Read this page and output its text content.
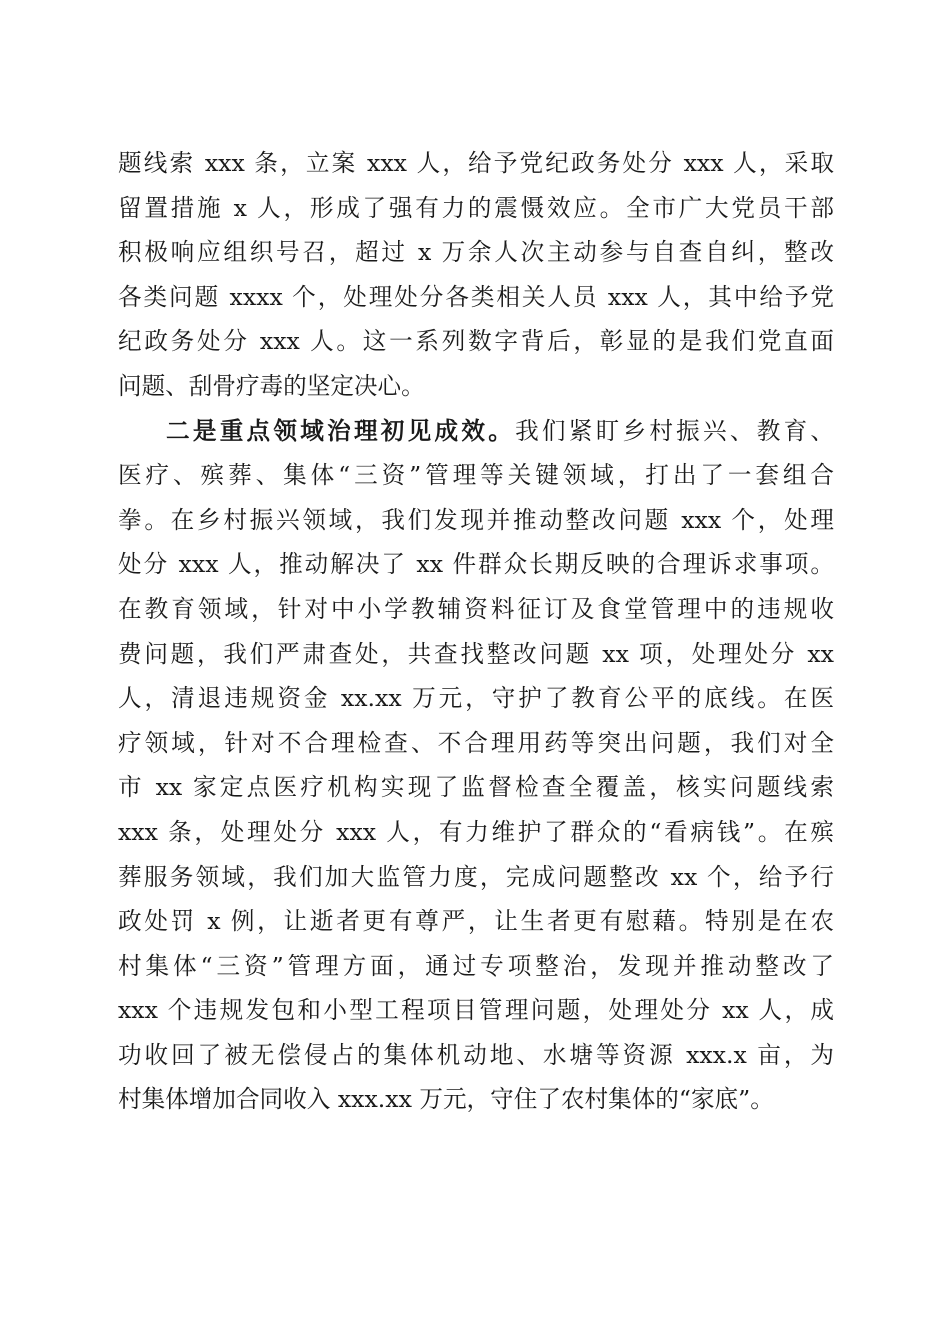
题线索 xxx 条，立案 xxx 人，给予党纪政务处分 xxx 人，采取
留置措施 x 人，形成了强有力的震慑效应。全市广大党员干部
积极响应组织号召，超过 x 万余人次主动参与自查自纠，整改
各类问题 xxxx 个，处理处分各类相关人员 xxx 人，其中给予党
纪政务处分 xxx 人。这一系列数字背后，彰显的是我们党直面
问题、刮骨疗毒的坚定决心。
二是重点领域治理初见成效。我们紧盯乡村振兴、教育、
医疗、殡葬、集体“三资”管理等关键领域，打出了一套组合
拳。在乡村振兴领域，我们发现并推动整改问题 xxx 个，处理
处分 xxx 人，推动解决了 xx 件群众长期反映的合理诉求事项。
在教育领域，针对中小学教辅资料征订及食堂管理中的违规收
费问题，我们严肃查处，共查找整改问题 xx 项，处理处分 xx
人，清退违规资金 xx.xx 万元，守护了教育公平的底线。在医
疗领域，针对不合理检查、不合理用药等突出问题，我们对全
市 xx 家定点医疗机构实现了监督检查全覆盖，核实问题线索
xxx 条，处理处分 xxx 人，有力维护了群众的“看病钱”。在殡
葬服务领域，我们加大监管力度，完成问题整改 xx 个，给予行
政处罚 x 例，让逝者更有尊严，让生者更有慰藉。特别是在农
村集体“三资”管理方面，通过专项整治，发现并推动整改了
xxx 个违规发包和小型工程项目管理问题，处理处分 xx 人，成
功收回了被无偿侵占的集体机动地、水塘等资源 xxx.x 亩，为
村集体增加合同收入 xxx.xx 万元，守住了农村集体的“家底”。
